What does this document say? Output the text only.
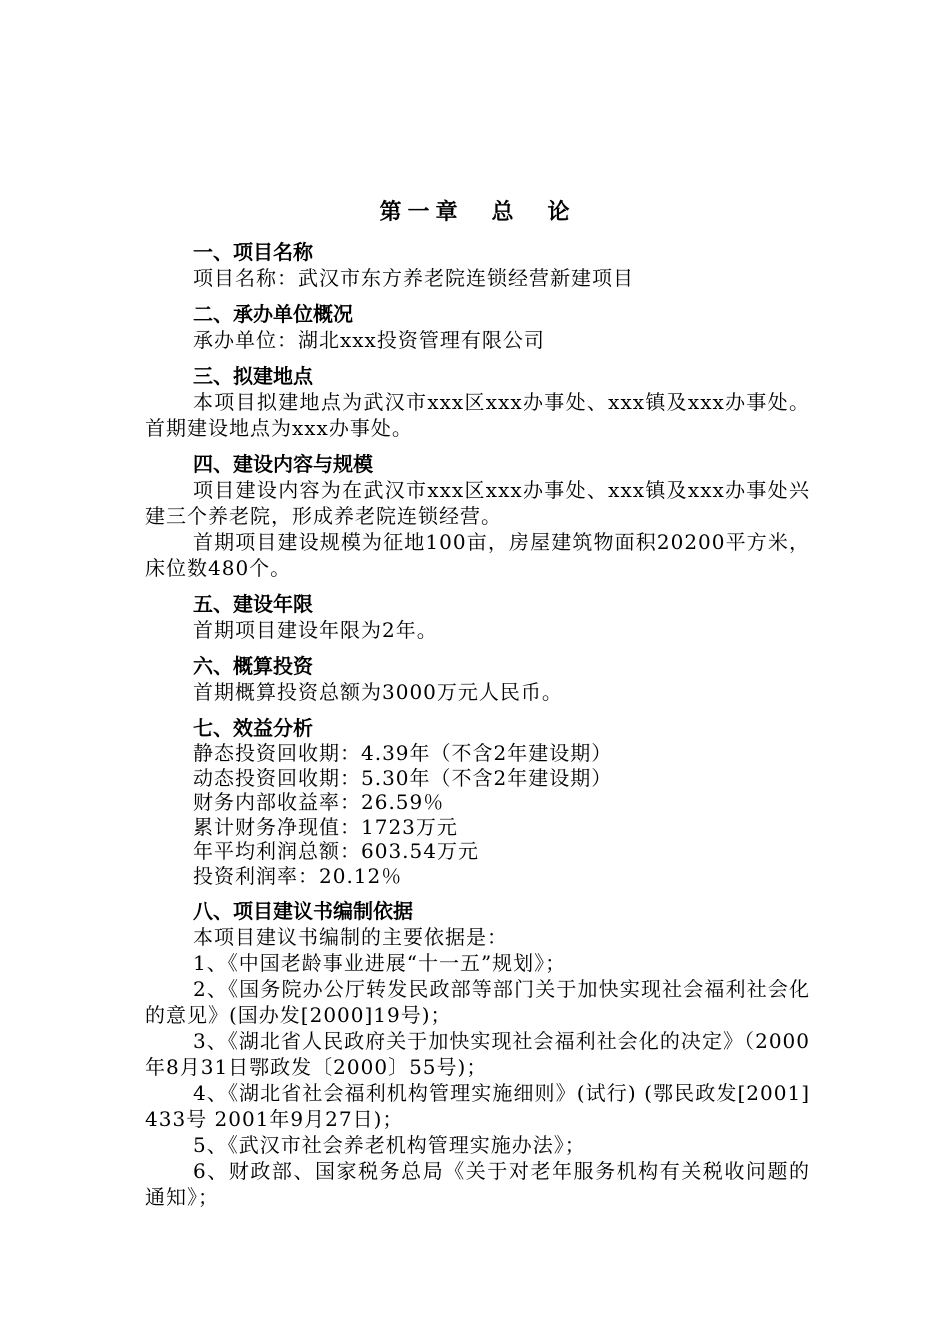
第一章　总　论
一、项目名称

项目名称：武汉市东方养老院连锁经营新建项目

二、承办单位概况

承办单位：湖北xxx投资管理有限公司

三、拟建地点

本项目拟建地点为武汉市xxx区xxx办事处、xxx镇及xxx办事处。首期建设地点为xxx办事处。

四、建设内容与规模

项目建设内容为在武汉市xxx区xxx办事处、xxx镇及xxx办事处兴建三个养老院，形成养老院连锁经营。

首期项目建设规模为征地100亩，房屋建筑物面积20200平方米，床位数480个。

五、建设年限

首期项目建设年限为2年。

六、概算投资

首期概算投资总额为3000万元人民币。

七、效益分析

静态投资回收期：4.39年（不含2年建设期）

动态投资回收期：5.30年（不含2年建设期）

财务内部收益率：26.59％

累计财务净现值：1723万元

年平均利润总额：603.54万元

投资利润率：20.12％

八、项目建议书编制依据

本项目建议书编制的主要依据是：

1、《中国老龄事业进展“十一五”规划》；

2、《国务院办公厅转发民政部等部门关于加快实现社会福利社会化的意见》(国办发[2000]19号)；

3、《湖北省人民政府关于加快实现社会福利社会化的决定》（2000年8月31日鄂政发〔2000〕55号)；

4、《湖北省社会福利机构管理实施细则》(试行) (鄂民政发[2001]433号 2001年9月27日)；

5、《武汉市社会养老机构管理实施办法》；

6、财政部、国家税务总局《关于对老年服务机构有关税收问题的通知》；
